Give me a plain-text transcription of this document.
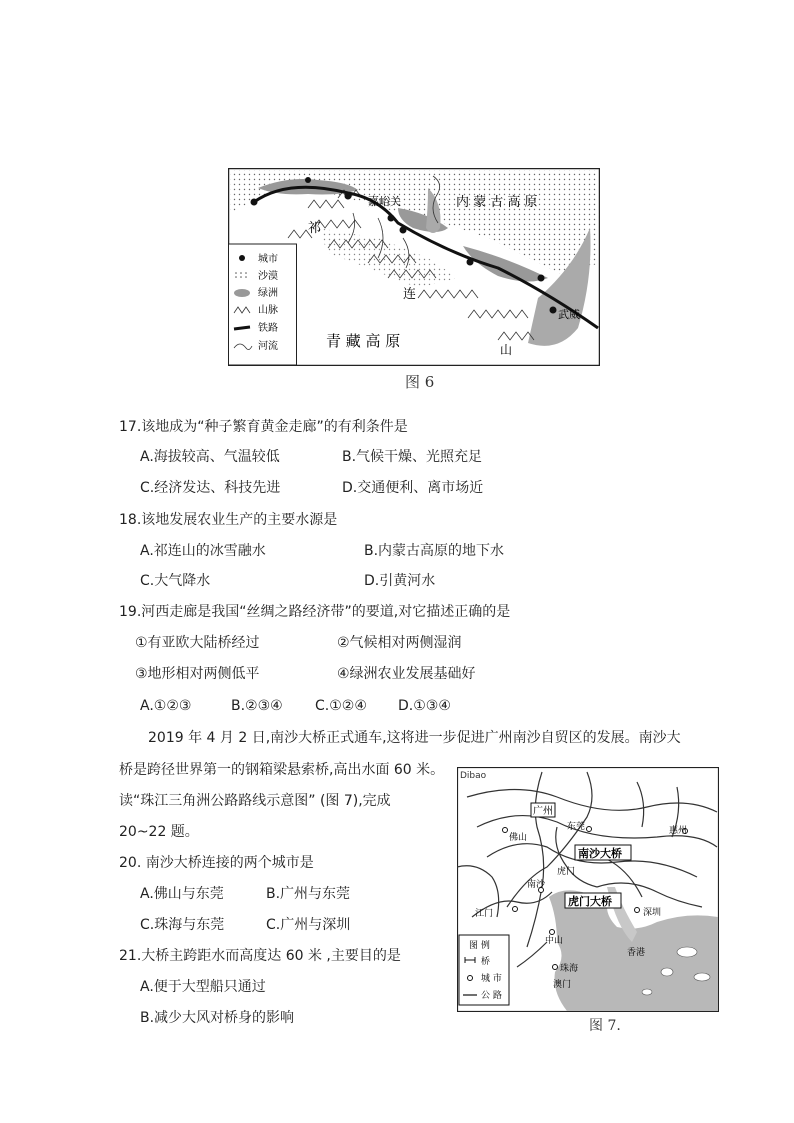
嘉峪关	内 蒙 古 高 原
祁
连
山
武威
青 藏 高 原
城市
沙漠
绿洲
山脉
铁路
河流
图 6
17.该地成为“种子繁育黄金走廊”的有利条件是
A.海拔较高、气温较低	B.气候干燥、光照充足
C.经济发达、科技先进	D.交通便利、离市场近
18.该地发展农业生产的主要水源是
A.祁连山的冰雪融水	B.内蒙古高原的地下水
C.大气降水	D.引黄河水
19.河西走廊是我国“丝绸之路经济带”的要道,对它描述正确的是
①有亚欧大陆桥经过	②气候相对两侧湿润
③地形相对两侧低平	④绿洲农业发展基础好
A.①②③	B.②③④ C.①②④ D.①③④
2019 年 4 月 2 日,南沙大桥正式通车,这将进一步促进广州南沙自贸区的发展。南沙大
桥是跨径世界第一的钢箱梁悬索桥,高出水面 60 米。
读“珠江三角洲公路路线示意图” (图 7),完成
20~22 题。
20. 南沙大桥连接的两个城市是
A.佛山与东莞	B.广州与东莞
C.珠海与东莞	C.广州与深圳
21.大桥主跨距水而高度达 60 米 ,主要目的是
A.便于大型船只通过
B.减少大风对桥身的影响
南沙大桥
虎门大桥
广州
东莞
佛山
惠州
南沙
虎门
江门
中山
深圳
香港
珠海
澳门
Dibao
图 例
桥
城 市
公 路
图 7.
